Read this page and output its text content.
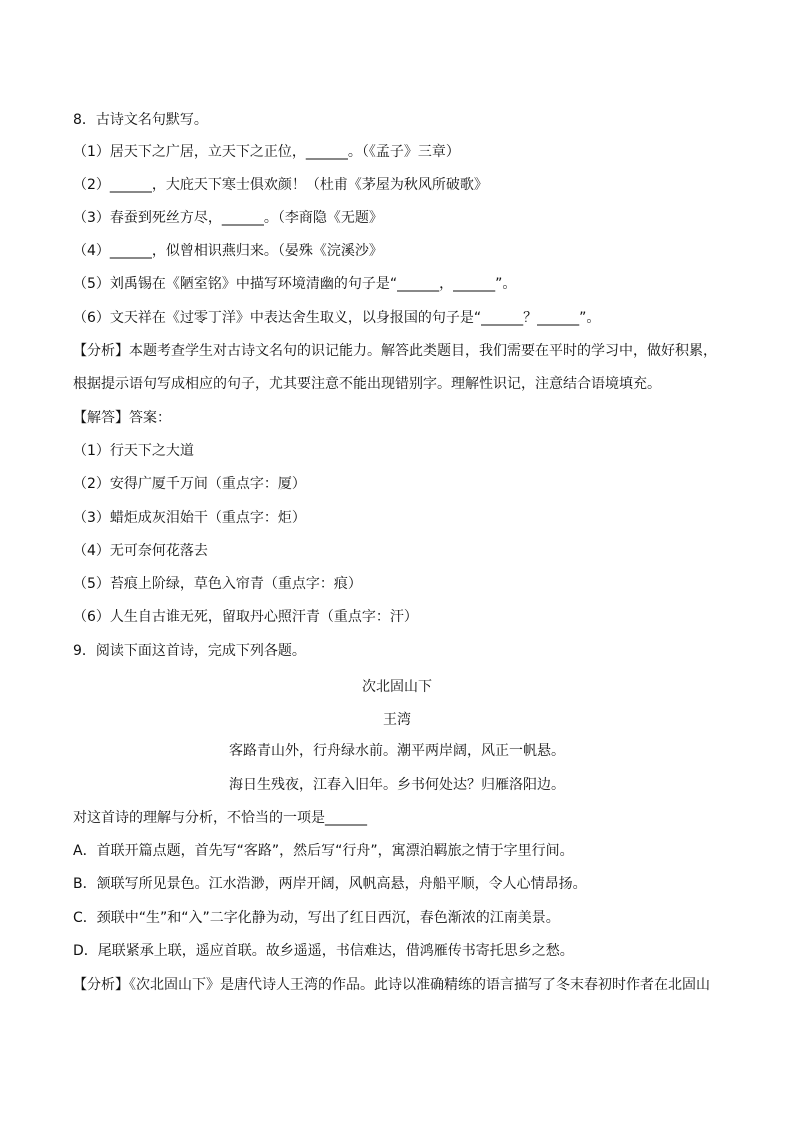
8．古诗文名句默写。
（1）居天下之广居，立天下之正位，______。（《孟子》三章）
（2）______，大庇天下寒士俱欢颜！（杜甫《茅屋为秋风所破歌》
（3）春蚕到死丝方尽，______。（李商隐《无题》
（4）______，似曾相识燕归来。（晏殊《浣溪沙》
（5）刘禹锡在《陋室铭》中描写环境清幽的句子是“______，______”。
（6）文天祥在《过零丁洋》中表达舍生取义，以身报国的句子是“______？______”。
【分析】本题考查学生对古诗文名句的识记能力。解答此类题目，我们需要在平时的学习中，做好积累，
根据提示语句写成相应的句子，尤其要注意不能出现错别字。理解性识记，注意结合语境填充。
【解答】答案：
（1）行天下之大道
（2）安得广厦千万间（重点字：厦）
（3）蜡炬成灰泪始干（重点字：炬）
（4）无可奈何花落去
（5）苔痕上阶绿，草色入帘青（重点字：痕）
（6）人生自古谁无死，留取丹心照汗青（重点字：汗）
9．阅读下面这首诗，完成下列各题。
次北固山下
王湾
客路青山外，行舟绿水前。潮平两岸阔，风正一帆悬。
海日生残夜，江春入旧年。乡书何处达？归雁洛阳边。
对这首诗的理解与分析，不恰当的一项是______
A．首联开篇点题，首先写“客路”，然后写“行舟”，寓漂泊羁旅之情于字里行间。
B．颔联写所见景色。江水浩渺，两岸开阔，风帆高悬，舟船平顺，令人心情昂扬。
C．颈联中“生”和“入”二字化静为动，写出了红日西沉，春色渐浓的江南美景。
D．尾联紧承上联，遥应首联。故乡遥遥，书信难达，借鸿雁传书寄托思乡之愁。
【分析】《次北固山下》是唐代诗人王湾的作品。此诗以准确精练的语言描写了冬末春初时作者在北固山
